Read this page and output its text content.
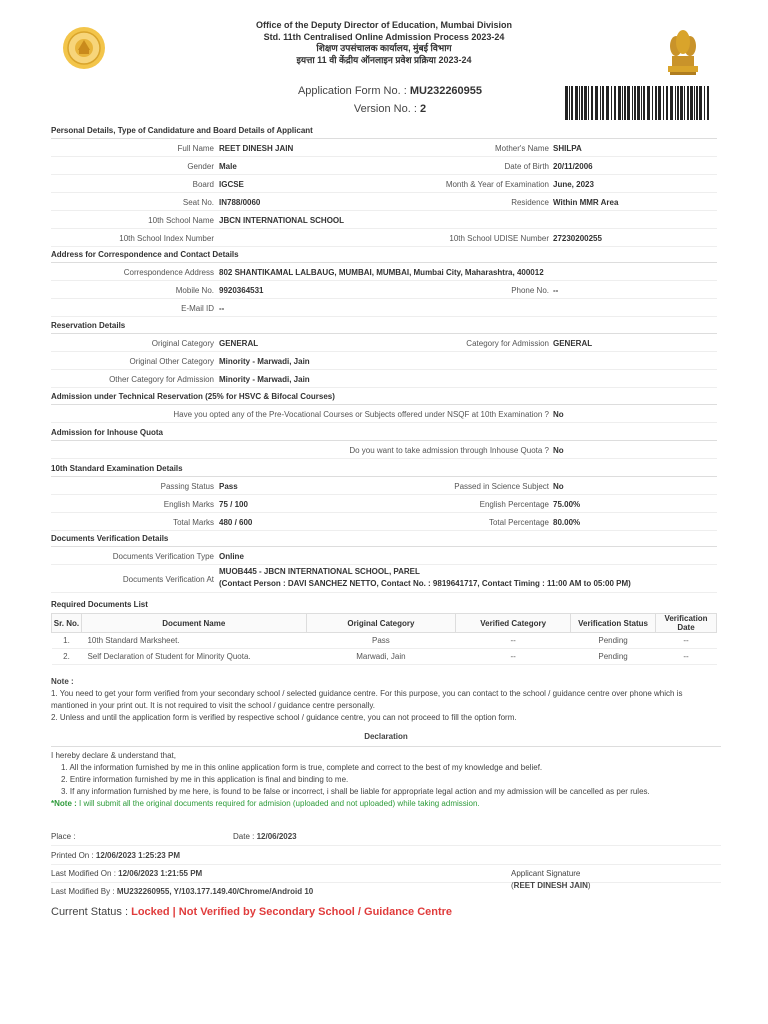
Office of the Deputy Director of Education, Mumbai Division
Std. 11th Centralised Online Admission Process 2023-24
शिक्षण उपसंचालक कार्यालय, मुंबई विभाग
इयत्ता 11 वी केंद्रीय ऑनलाइन प्रवेश प्रक्रिया 2023-24
Application Form No. : MU232260955
Version No. : 2
Personal Details, Type of Candidature and Board Details of Applicant
Full Name REET DINESH JAIN	Mother's Name SHILPA
Gender Male	Date of Birth 20/11/2006
Board IGCSE	Month & Year of Examination June, 2023
Seat No. IN788/0060	Residence Within MMR Area
10th School Name JBCN INTERNATIONAL SCHOOL
10th School Index Number	10th School UDISE Number 27230200255
Address for Correspondence and Contact Details
Correspondence Address 802 SHANTIKAMAL LALBAUG, MUMBAI, MUMBAI, Mumbai City, Maharashtra, 400012
Mobile No. 9920364531	Phone No. --
E-Mail ID --
Reservation Details
Original Category GENERAL	Category for Admission GENERAL
Original Other Category Minority - Marwadi, Jain
Other Category for Admission Minority - Marwadi, Jain
Admission under Technical Reservation (25% for HSVC & Bifocal Courses)
Have you opted any of the Pre-Vocational Courses or Subjects offered under NSQF at 10th Examination ? No
Admission for Inhouse Quota
Do you want to take admission through Inhouse Quota ? No
10th Standard Examination Details
Passing Status Pass	Passed in Science Subject No
English Marks 75 / 100	English Percentage 75.00%
Total Marks 480 / 600	Total Percentage 80.00%
Documents Verification Details
Documents Verification Type Online
Documents Verification At
MUOB445 - JBCN INTERNATIONAL SCHOOL, PAREL
(Contact Person : DAVI SANCHEZ NETTO, Contact No. : 9819641717, Contact Timing : 11:00 AM to 05:00 PM)
Required Documents List
Sr. No.	Document Name	Original Category	Verified Category	Verification Status	Verification Date
1.	10th Standard Marksheet.	Pass	--	Pending	--
2.	Self Declaration of Student for Minority Quota.	Marwadi, Jain	--	Pending	--
Note :
1. You need to get your form verified from your secondary school / selected guidance centre. For this purpose, you can contact to the school / guidance centre over phone which is mantioned in your print out. It is not required to visit the school / guidance centre personally.
2. Unless and until the application form is verified by respective school / guidance centre, you can not proceed to fill the option form.
Declaration
I hereby declare & understand that,
1. All the information furnished by me in this online application form is true, complete and correct to the best of my knowledge and belief.
2. Entire information furnished by me in this application is final and binding to me.
3. If any information furnished by me here, is found to be false or incorrect, i shall be liable for appropriate legal action and my admission will be cancelled as per rules.
*Note : I will submit all the original documents required for admision (uploaded and not uploaded) while taking admission.
Place :	Date : 12/06/2023
Printed On : 12/06/2023 1:25:23 PM
Last Modified On : 12/06/2023 1:21:55 PM
Last Modified By : MU232260955, Y/103.177.149.40/Chrome/Android 10
Applicant Signature
(REET DINESH JAIN)
Current Status : Locked | Not Verified by Secondary School / Guidance Centre
